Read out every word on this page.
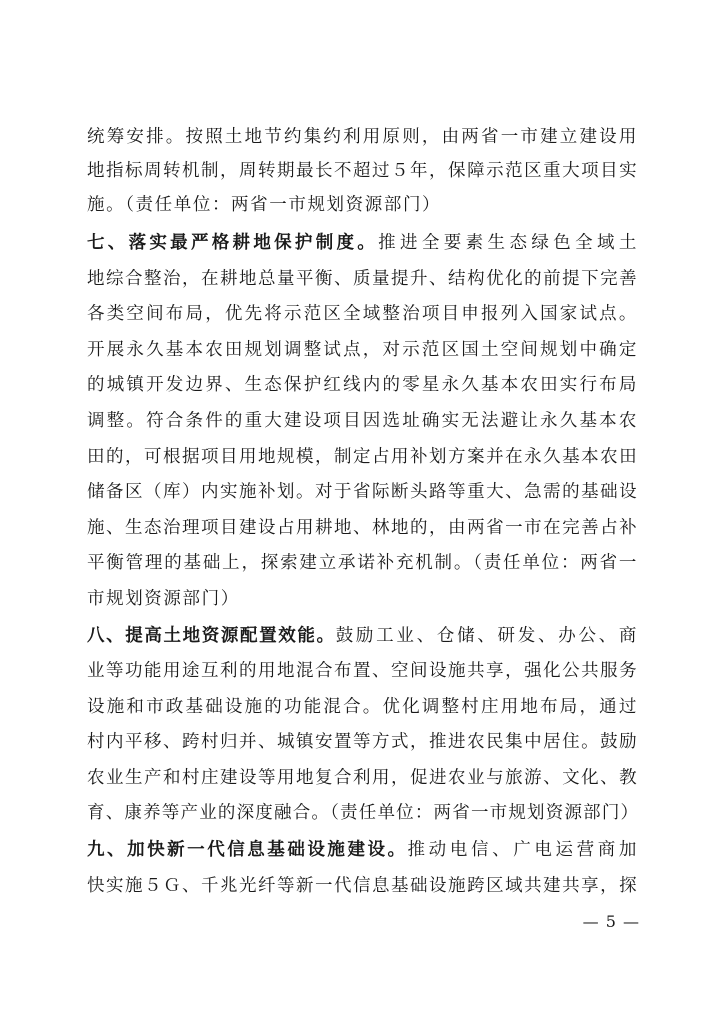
统筹安排。按照土地节约集约利用原则，由两省一市建立建设用
地指标周转机制，周转期最长不超过５年，保障示范区重大项目实
施。（责任单位：两省一市规划资源部门）
七、落实最严格耕地保护制度。推进全要素生态绿色全域土
地综合整治，在耕地总量平衡、质量提升、结构优化的前提下完善
各类空间布局，优先将示范区全域整治项目申报列入国家试点。
开展永久基本农田规划调整试点，对示范区国土空间规划中确定
的城镇开发边界、生态保护红线内的零星永久基本农田实行布局
调整。符合条件的重大建设项目因选址确实无法避让永久基本农
田的，可根据项目用地规模，制定占用补划方案并在永久基本农田
储备区（库）内实施补划。对于省际断头路等重大、急需的基础设
施、生态治理项目建设占用耕地、林地的，由两省一市在完善占补
平衡管理的基础上，探索建立承诺补充机制。（责任单位：两省一
市规划资源部门）
八、提高土地资源配置效能。鼓励工业、仓储、研发、办公、商
业等功能用途互利的用地混合布置、空间设施共享，强化公共服务
设施和市政基础设施的功能混合。优化调整村庄用地布局，通过
村内平移、跨村归并、城镇安置等方式，推进农民集中居住。鼓励
农业生产和村庄建设等用地复合利用，促进农业与旅游、文化、教
育、康养等产业的深度融合。（责任单位：两省一市规划资源部门）
九、加快新一代信息基础设施建设。推动电信、广电运营商加
快实施５Ｇ、千兆光纤等新一代信息基础设施跨区域共建共享，探
— 5 —
